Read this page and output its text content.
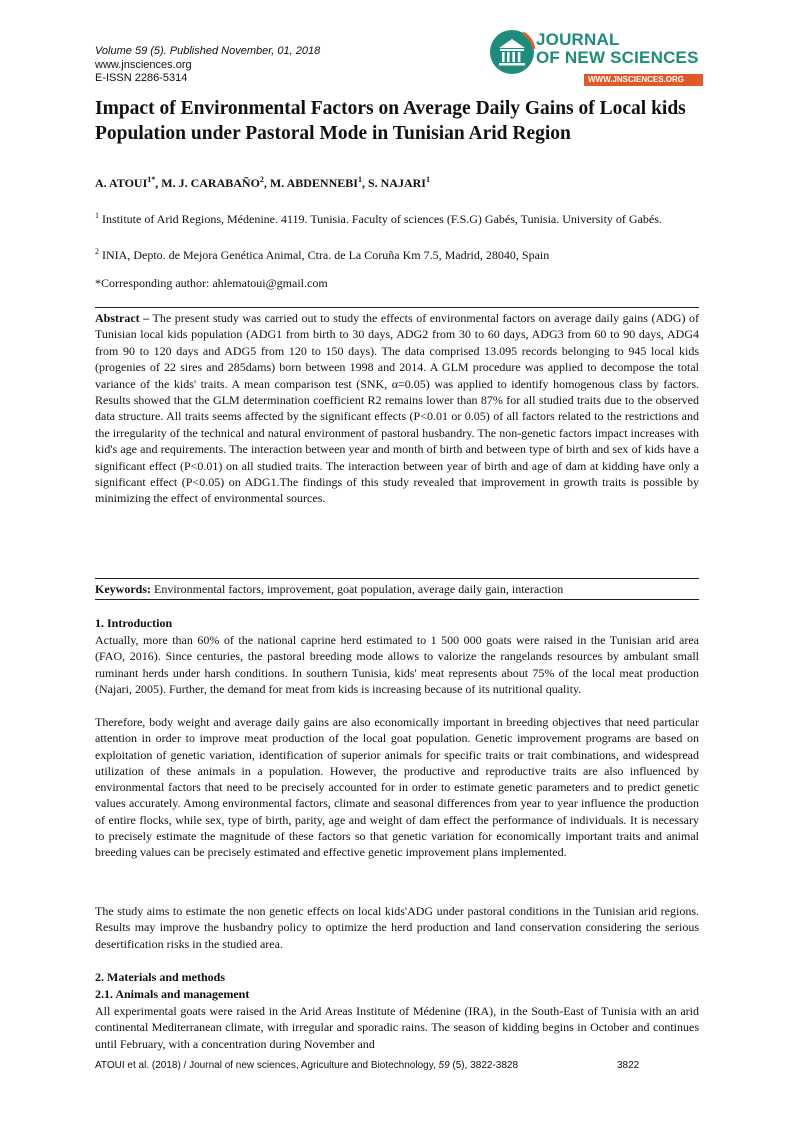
Volume 59 (5). Published November, 01, 2018
www.jnsciences.org
E-ISSN 2286-5314
JOURNAL
OF NEW SCIENCES
WWW.JNSCIENCES.ORG
Impact of Environmental Factors on Average Daily Gains of Local kids Population under Pastoral Mode in Tunisian Arid Region
A. $ATOUI^{1*}$, M. J. CARABAÑO$^2$, M. ABDENNEBI$^1$, S. NAJARI$^1$
$^1$ Institute of Arid Regions, Médenine. 4119. Tunisia. Faculty of sciences (F.S.G) Gabés, Tunisia. University of Gabés.
$^2$ INIA, Depto. de Mejora Genética Animal, Ctra. de La Coruña Km 7.5, Madrid, 28040, Spain
*Corresponding author: ahlematoui@gmail.com
Abstract – The present study was carried out to study the effects of environmental factors on average daily gains (ADG) of Tunisian local kids population (ADG1 from birth to 30 days, ADG2 from 30 to 60 days, ADG3 from 60 to 90 days, ADG4 from 90 to 120 days and ADG5 from 120 to 150 days). The data comprised 13.095 records belonging to 945 local kids (progenies of 22 sires and 285dams) born between 1998 and 2014. A GLM procedure was applied to decompose the total variance of the kids' traits. A mean comparison test (SNK, α=0.05) was applied to identify homogenous class by factors. Results showed that the GLM determination coefficient R2 remains lower than 87% for all studied traits due to the observed data structure. All traits seems affected by the significant effects (P<0.01 or 0.05) of all factors related to the restrictions and the irregularity of the technical and natural environment of pastoral husbandry. The non-genetic factors impact increases with kid's age and requirements. The interaction between year and month of birth and between type of birth and sex of kids have a significant effect (P<0.01) on all studied traits. The interaction between year of birth and age of dam at kidding have only a significant effect (P<0.05) on ADG1.The findings of this study revealed that improvement in growth traits is possible by minimizing the effect of environmental sources.
Keywords: Environmental factors, improvement, goat population, average daily gain, interaction
1. Introduction
Actually, more than 60% of the national caprine herd estimated to 1 500 000 goats were raised in the Tunisian arid area (FAO, 2016). Since centuries, the pastoral breeding mode allows to valorize the rangelands resources by ambulant small ruminant herds under harsh conditions. In southern Tunisia, kids' meat represents about 75% of the local meat production (Najari, 2005). Further, the demand for meat from kids is increasing because of its nutritional quality.
Therefore, body weight and average daily gains are also economically important in breeding objectives that need particular attention in order to improve meat production of the local goat population. Genetic improvement programs are based on exploitation of genetic variation, identification of superior animals for specific traits or trait combinations, and widespread utilization of these animals in a population. However, the productive and reproductive traits are also influenced by environmental factors that need to be precisely accounted for in order to estimate genetic parameters and to predict genetic values accurately. Among environmental factors, climate and seasonal differences from year to year influence the production of entire flocks, while sex, type of birth, parity, age and weight of dam effect the performance of individuals. It is necessary to precisely estimate the magnitude of these factors so that genetic variation for economically important traits and animal breeding values can be precisely estimated and effective genetic improvement plans implemented.
The study aims to estimate the non genetic effects on local kids'ADG under pastoral conditions in the Tunisian arid regions. Results may improve the husbandry policy to optimize the herd production and land conservation considering the serious desertification risks in the studied area.
2. Materials and methods
2.1. Animals and management
All experimental goats were raised in the Arid Areas Institute of Médenine (IRA), in the South-East of Tunisia with an arid continental Mediterranean climate, with irregular and sporadic rains. The season of kidding begins in October and continues until February, with a concentration during November and
ATOUI et al. (2018) / Journal of new sciences, Agriculture and Biotechnology, 59 (5), 3822-3828	3822
